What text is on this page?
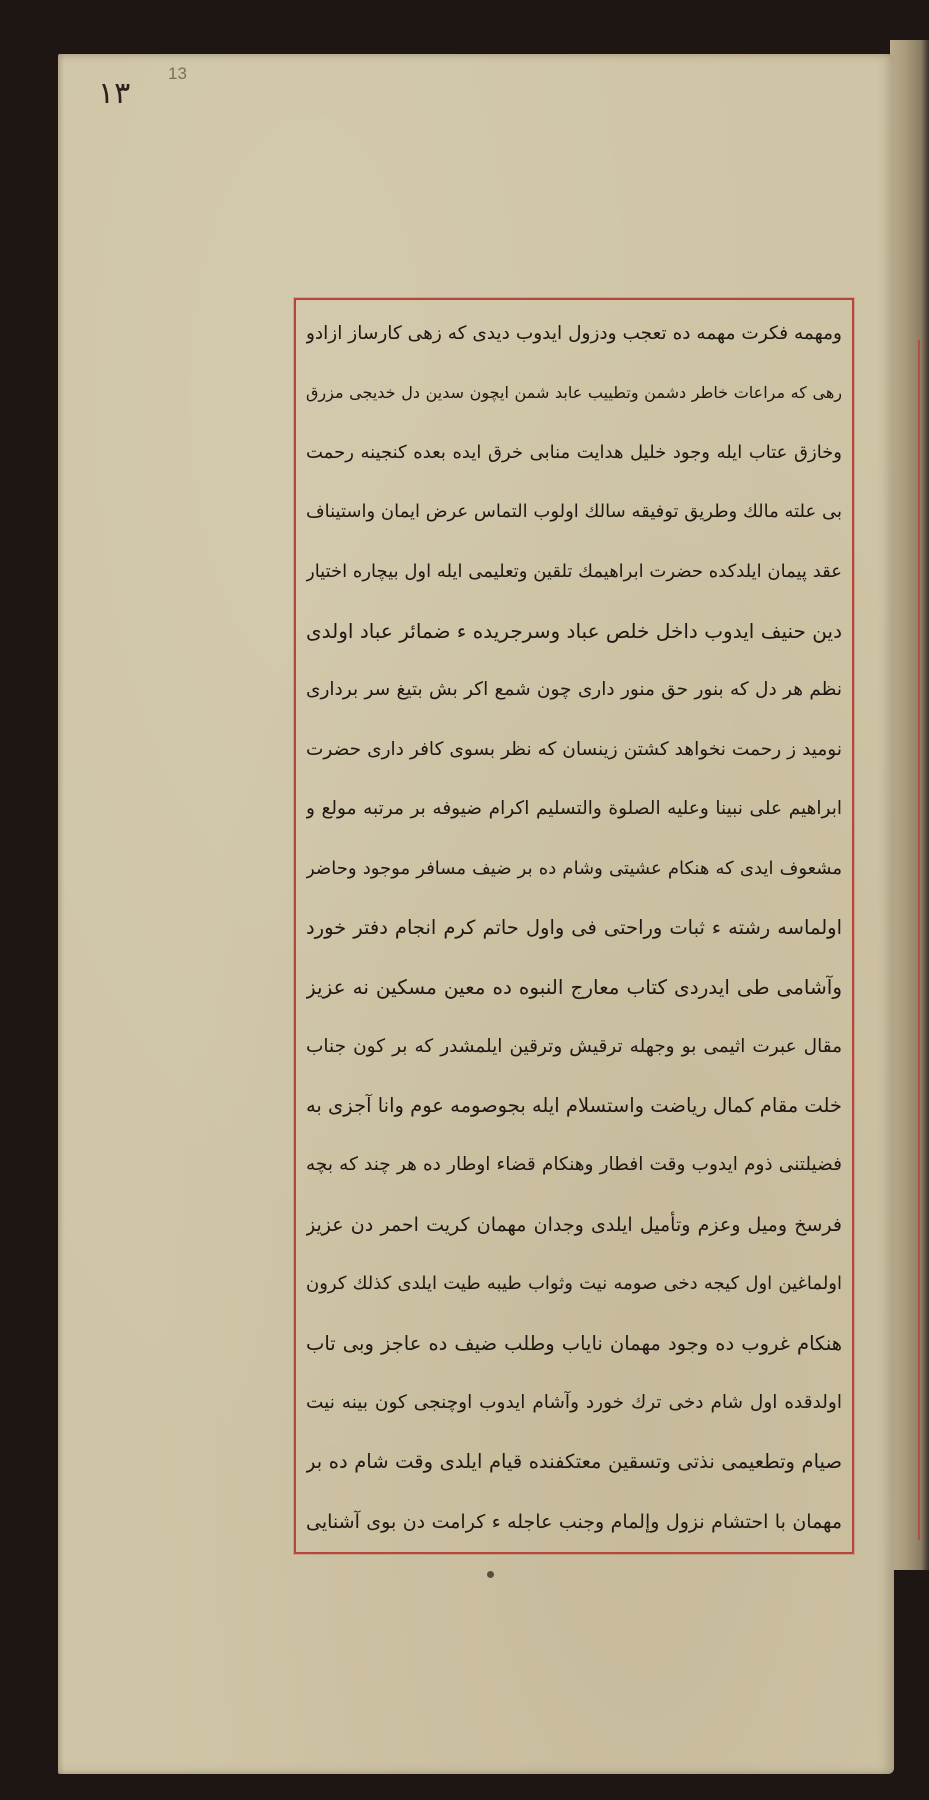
١٣
13
ومهمه فكرت مهمه ده تعجب ودزول ايدوب ديدى كه زهى كارساز ازادو
رهى كه مراعات خاطر دشمن وتطييب عابد شمن ايچون سدين دل خديجى مزرق
وخازق عتاب ايله وجود خليل هدايت منابى خرق ايده بعده كنجينه رحمت
بى علته مالك وطريق توفيقه سالك اولوب التماس عرض ايمان واستيناف
عقد پيمان ايلدكده حضرت ابراهيمك تلقين وتعليمى ايله اول بيچاره اختيار
دين حنيف ايدوب داخل خلص عباد وسرجريده ء ضمائر عباد اولدى
نظم هر دل كه بنور حق منور دارى چون شمع اكر بش بتيغ سر بردارى
نوميد ز رحمت نخواهد كشتن زينسان كه نظر بسوى كافر دارى حضرت
ابراهيم على نبينا وعليه الصلوة والتسليم اكرام ضيوفه بر مرتبه مولع و
مشعوف ايدى كه هنكام عشيتى وشام ده بر ضيف مسافر موجود وحاضر
اولماسه رشته ء ثبات وراحتى فى واول حاتم كرم انجام دفتر خورد
وآشامى طى ايدردى كتاب معارج النبوه ده معين مسكين نه عزيز
مقال عبرت اثيمى بو وجهله ترقيش وترقين ايلمشدر كه بر كون جناب
خلت مقام كمال رياضت واستسلام ايله بجوصومه عوم وانا آجزى به
فضيلتنى ذوم ايدوب وقت افطار وهنكام قضاء اوطار ده هر چند كه بچه
فرسخ وميل وعزم وتأميل ايلدى وجدان مهمان كريت احمر دن عزيز
اولماغين اول كيجه دخى صومه نيت وثواب طيبه طيت ايلدى كذلك كرون
هنكام غروب ده وجود مهمان ناياب وطلب ضيف ده عاجز وبى تاب
اولدقده اول شام دخى ترك خورد وآشام ايدوب اوچنجى كون بينه نيت
صيام وتطعيمى نذتى وتسقين معتكفنده قيام ايلدى وقت شام ده بر
مهمان با احتشام نزول وإلمام وجنب عاجله ء كرامت دن بوى آشنايى
